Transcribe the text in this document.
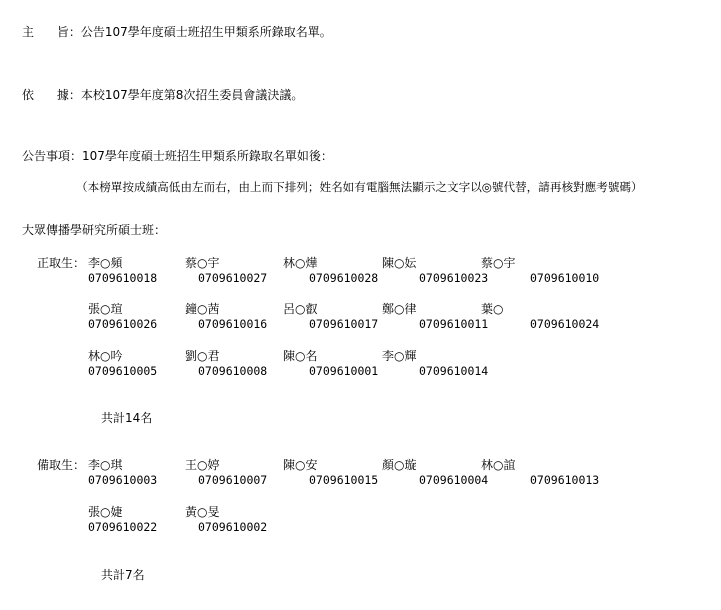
主 旨：公告107學年度碩士班招生甲類系所錄取名單。
依 據：本校107學年度第8次招生委員會議決議。
公告事項：107學年度碩士班招生甲類系所錄取名單如後：
（本榜單按成績高低由左而右，由上而下排列；姓名如有電腦無法顯示之文字以◎號代替，請再核對應考號碼）
大眾傳播學研究所碩士班：
正取生： 李○頻
0709610018
蔡○宇
0709610027
林○燁
0709610028
陳○妘
0709610023
蔡○宇
0709610010
張○瑄
0709610026
鐘○茜
0709610016
呂○叡
0709610017
鄭○律
0709610011
葉○
0709610024
林○吟
0709610005
劉○君
0709610008
陳○名
0709610001
李○輝
0709610014
共計14名
備取生： 李○琪
0709610003
王○婷
0709610007
陳○安
0709610015
顏○璇
0709610004
林○誼
0709610013
張○婕
0709610022
黃○旻
0709610002
共計7名
